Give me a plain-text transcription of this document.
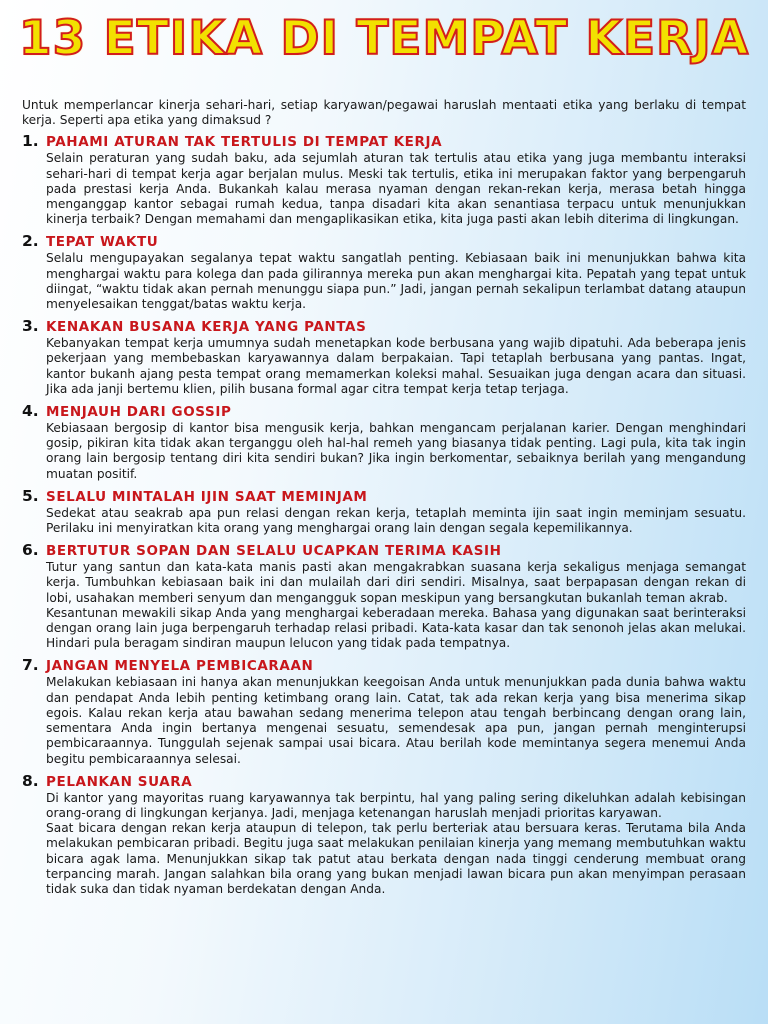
13 ETIKA DI TEMPAT KERJA

Untuk memperlancar kinerja sehari-hari, setiap karyawan/pegawai haruslah mentaati etika yang berlaku di tempat kerja. Seperti apa etika yang dimaksud ?

1. PAHAMI ATURAN TAK TERTULIS DI TEMPAT KERJA

Selain peraturan yang sudah baku, ada sejumlah aturan tak tertulis atau etika yang juga membantu interaksi sehari-hari di tempat kerja agar berjalan mulus. Meski tak tertulis, etika ini merupakan faktor yang berpengaruh pada prestasi kerja Anda. Bukankah kalau merasa nyaman dengan rekan-rekan kerja, merasa betah hingga menganggap kantor sebagai rumah kedua, tanpa disadari kita akan senantiasa terpacu untuk menunjukkan kinerja terbaik? Dengan memahami dan mengaplikasikan etika, kita juga pasti akan lebih diterima di lingkungan.

2. TEPAT WAKTU

Selalu mengupayakan segalanya tepat waktu sangatlah penting. Kebiasaan baik ini menunjukkan bahwa kita menghargai waktu para kolega dan pada gilirannya mereka pun akan menghargai kita. Pepatah yang tepat untuk diingat, “waktu tidak akan pernah menunggu siapa pun.” Jadi, jangan pernah sekalipun terlambat datang ataupun menyelesaikan tenggat/batas waktu kerja.

3. KENAKAN BUSANA KERJA YANG PANTAS

Kebanyakan tempat kerja umumnya sudah menetapkan kode berbusana yang wajib dipatuhi. Ada beberapa jenis pekerjaan yang membebaskan karyawannya dalam berpakaian. Tapi tetaplah berbusana yang pantas. Ingat, kantor bukanh ajang pesta tempat orang memamerkan koleksi mahal. Sesuaikan juga dengan acara dan situasi. Jika ada janji bertemu klien, pilih busana formal agar citra tempat kerja tetap terjaga.

4. MENJAUH DARI GOSSIP

Kebiasaan bergosip di kantor bisa mengusik kerja, bahkan mengancam perjalanan karier. Dengan menghindari gosip, pikiran kita tidak akan terganggu oleh hal-hal remeh yang biasanya tidak penting. Lagi pula, kita tak ingin orang lain bergosip tentang diri kita sendiri bukan? Jika ingin berkomentar, sebaiknya berilah yang mengandung muatan positif.

5. SELALU MINTALAH IJIN SAAT MEMINJAM

Sedekat atau seakrab apa pun relasi dengan rekan kerja, tetaplah meminta ijin saat ingin meminjam sesuatu. Perilaku ini menyiratkan kita orang yang menghargai orang lain dengan segala kepemilikannya.

6. BERTUTUR SOPAN DAN SELALU UCAPKAN TERIMA KASIH

Tutur yang santun dan kata-kata manis pasti akan mengakrabkan suasana kerja sekaligus menjaga semangat kerja. Tumbuhkan kebiasaan baik ini dan mulailah dari diri sendiri. Misalnya, saat berpapasan dengan rekan di lobi, usahakan memberi senyum dan mengangguk sopan meskipun yang bersangkutan bukanlah teman akrab.

Kesantunan mewakili sikap Anda yang menghargai keberadaan mereka. Bahasa yang digunakan saat berinteraksi dengan orang lain juga berpengaruh terhadap relasi pribadi. Kata-kata kasar dan tak senonoh jelas akan melukai. Hindari pula beragam sindiran maupun lelucon yang tidak pada tempatnya.

7. JANGAN MENYELA PEMBICARAAN

Melakukan kebiasaan ini hanya akan menunjukkan keegoisan Anda untuk menunjukkan pada dunia bahwa waktu dan pendapat Anda lebih penting ketimbang orang lain. Catat, tak ada rekan kerja yang bisa menerima sikap egois. Kalau rekan kerja atau bawahan sedang menerima telepon atau tengah berbincang dengan orang lain, sementara Anda ingin bertanya mengenai sesuatu, semendesak apa pun, jangan pernah menginterupsi pembicaraannya. Tunggulah sejenak sampai usai bicara. Atau berilah kode memintanya segera menemui Anda begitu pembicaraannya selesai.

8. PELANKAN SUARA

Di kantor yang mayoritas ruang karyawannya tak berpintu, hal yang paling sering dikeluhkan adalah kebisingan orang-orang di lingkungan kerjanya. Jadi, menjaga ketenangan haruslah menjadi prioritas karyawan.

Saat bicara dengan rekan kerja ataupun di telepon, tak perlu berteriak atau bersuara keras. Terutama bila Anda melakukan pembicaran pribadi. Begitu juga saat melakukan penilaian kinerja yang memang membutuhkan waktu bicara agak lama. Menunjukkan sikap tak patut atau berkata dengan nada tinggi cenderung membuat orang terpancing marah. Jangan salahkan bila orang yang bukan menjadi lawan bicara pun akan menyimpan perasaan tidak suka dan tidak nyaman berdekatan dengan Anda.
